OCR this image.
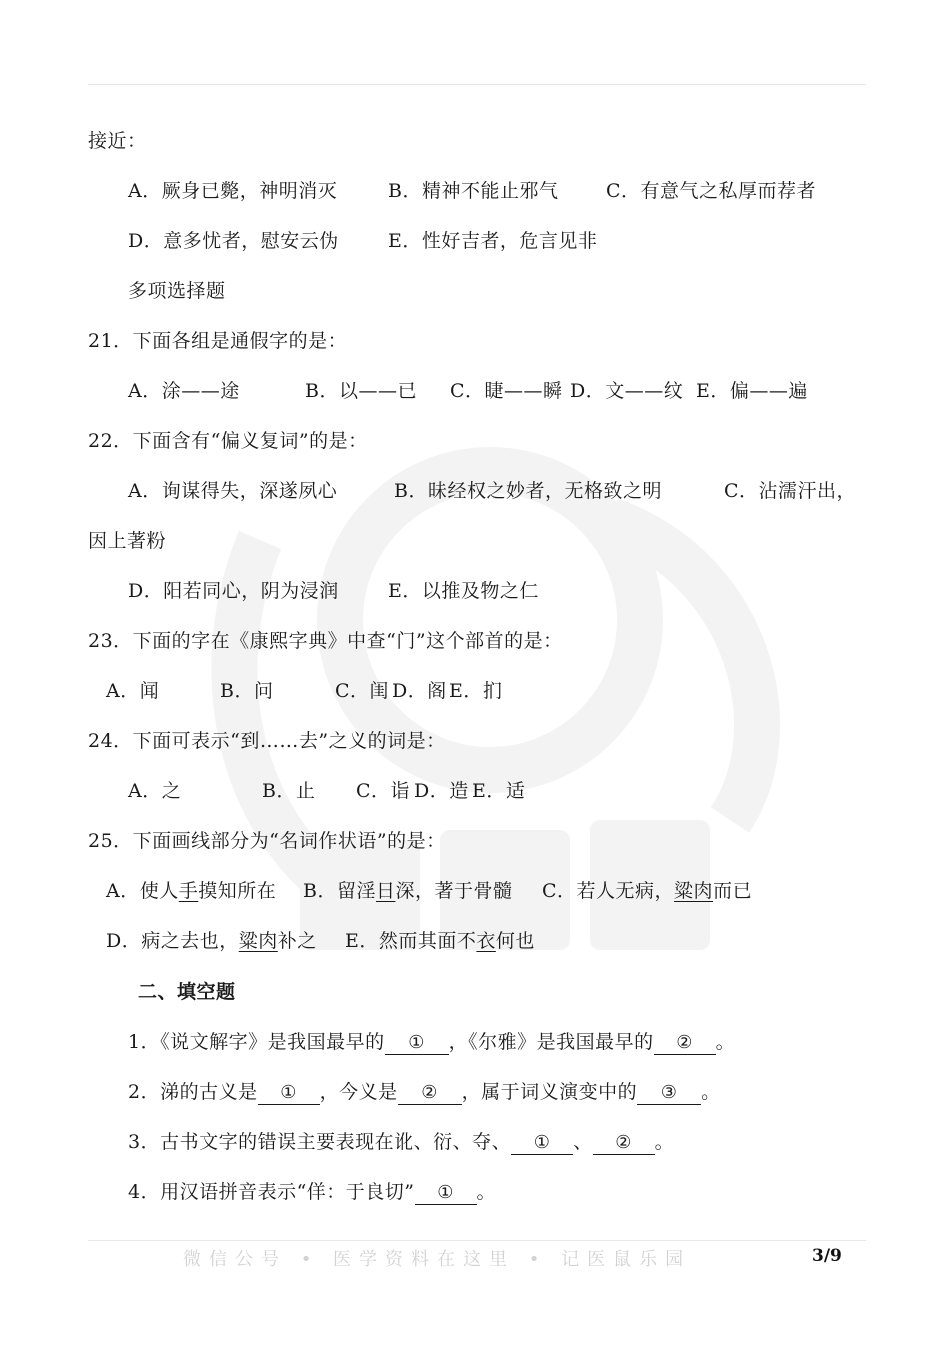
接近：
A．厥身已斃，神明消灭	B．精神不能止邪气	C．有意气之私厚而荐者
D．意多忧者，慰安云伪	E．性好吉者，危言见非
多项选择题
21．下面各组是通假字的是：
A．涂——途	B．以——已 C．睫——瞬 D．文——纹 E．偏——遍
22．下面含有“偏义复词”的是：
A．询谋得失，深遂夙心	B．昧经权之妙者，无格致之明	C．沾濡汗出，
因上著粉
D．阳若同心，阴为浸润	E．以推及物之仁
23．下面的字在《康熙字典》中查“门”这个部首的是：
A．闻	B．问	C．闺 D．阁 E．扪
24．下面可表示“到……去”之义的词是：
A．之	B．止 C．诣 D．造 E．适
25．下面画线部分为“名词作状语”的是：
A．使人手摸知所在 B．留淫日深，著于骨髓 C．若人无病，粱肉而已
D．病之去也，粱肉补之 E．然而其面不衣何也
二、填空题
1．《说文解字》是我国最早的 ① ，《尔雅》是我国最早的 ② 。
2．涕的古义是 ① ，今义是 ② ，属于词义演变中的 ③ 。
3．古书文字的错误主要表现在讹、衍、夺、 ① 、 ② 。
4．用汉语拼音表示“佯：于良切” ① 。
微信公号 • 医学资料在这里 • 记医鼠乐园	3/9
